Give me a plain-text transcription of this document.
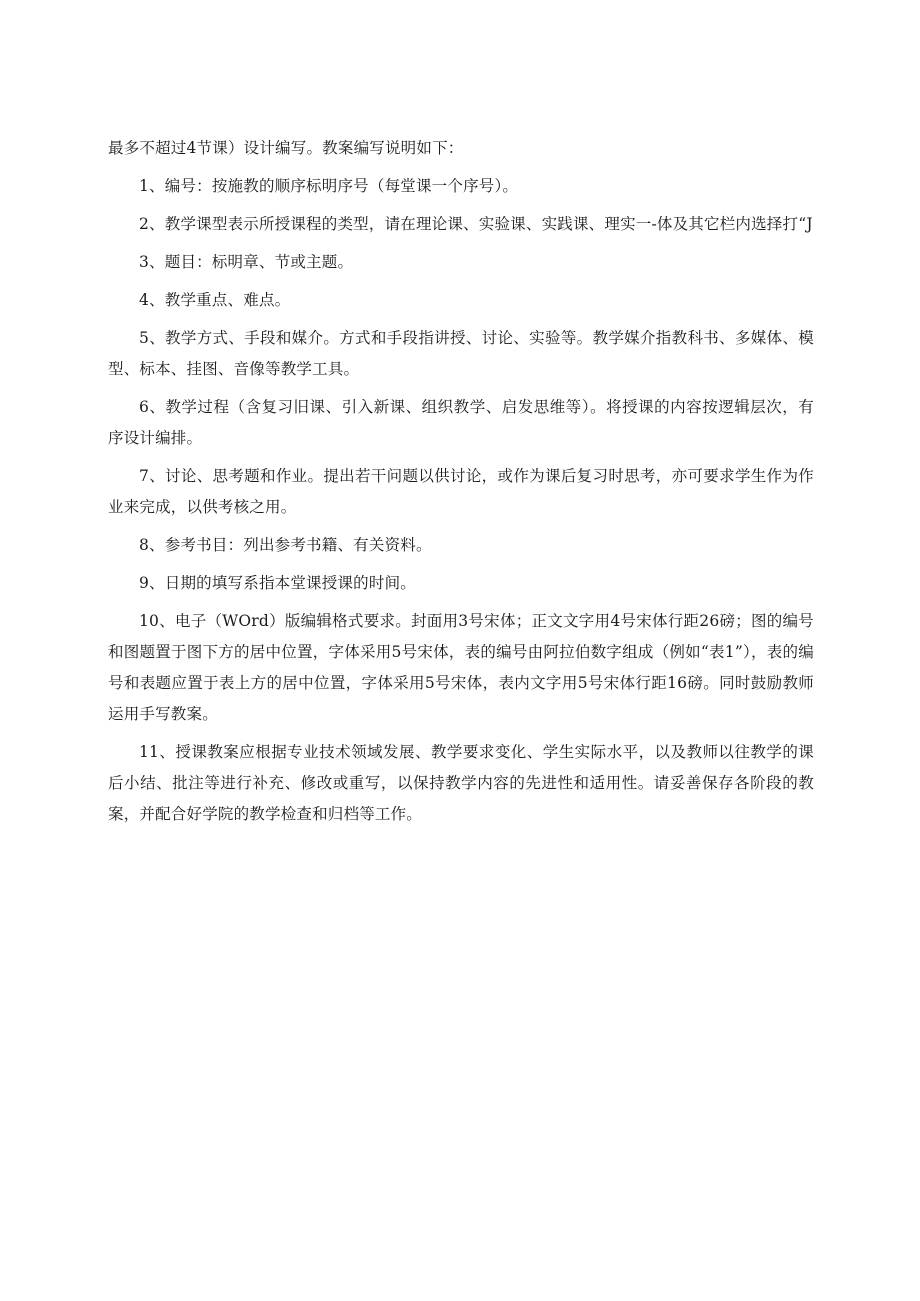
最多不超过4节课）设计编写。教案编写说明如下：

1、编号：按施教的顺序标明序号（每堂课一个序号）。

2、教学课型表示所授课程的类型，请在理论课、实验课、实践课、理实一-体及其它栏内选择打“J

3、题目：标明章、节或主题。

4、教学重点、难点。

5、教学方式、手段和媒介。方式和手段指讲授、讨论、实验等。教学媒介指教科书、多媒体、模型、标本、挂图、音像等教学工具。

6、教学过程（含复习旧课、引入新课、组织教学、启发思维等）。将授课的内容按逻辑层次，有序设计编排。

7、讨论、思考题和作业。提出若干问题以供讨论，或作为课后复习时思考，亦可要求学生作为作业来完成，以供考核之用。

8、参考书目：列出参考书籍、有关资料。

9、日期的填写系指本堂课授课的时间。

10、电子（WOrd）版编辑格式要求。封面用3号宋体；正文文字用4号宋体行距26磅；图的编号和图题置于图下方的居中位置，字体采用5号宋体，表的编号由阿拉伯数字组成（例如“表1”），表的编号和表题应置于表上方的居中位置，字体采用5号宋体，表内文字用5号宋体行距16磅。同时鼓励教师运用手写教案。

11、授课教案应根据专业技术领域发展、教学要求变化、学生实际水平，以及教师以往教学的课后小结、批注等进行补充、修改或重写，以保持教学内容的先进性和适用性。请妥善保存各阶段的教案，并配合好学院的教学检查和归档等工作。
